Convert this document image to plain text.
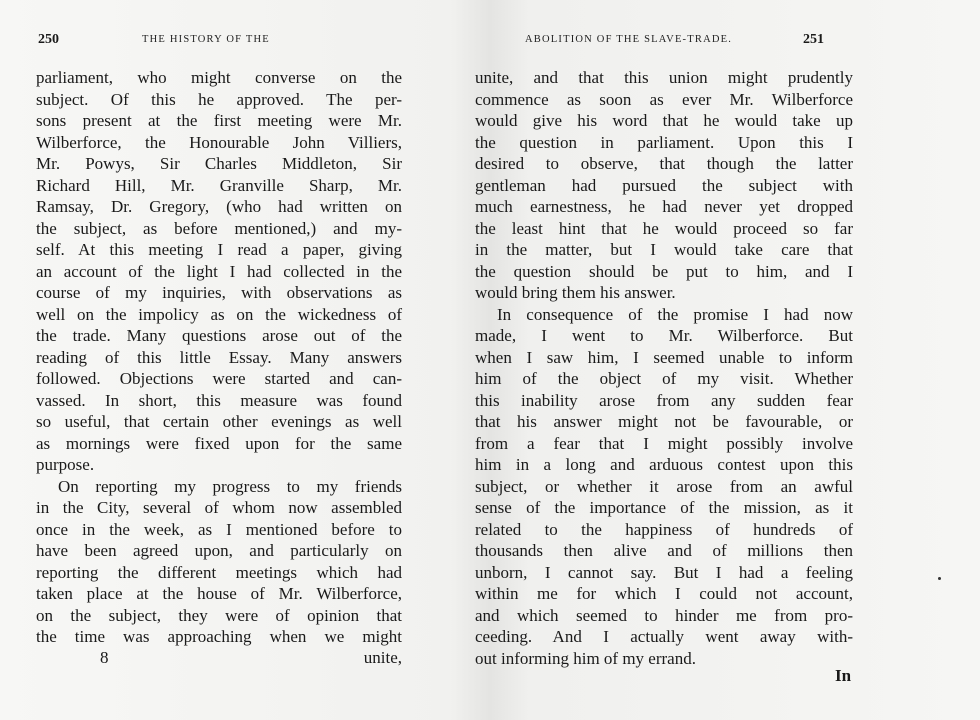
250	THE HISTORY OF THE
parliament, who might converse on the
subject. Of this he approved. The per-
sons present at the first meeting were Mr.
Wilberforce, the Honourable John Villiers,
Mr. Powys, Sir Charles Middleton, Sir
Richard Hill, Mr. Granville Sharp, Mr.
Ramsay, Dr. Gregory, (who had written on
the subject, as before mentioned,) and my-
self. At this meeting I read a paper, giving
an account of the light I had collected in the
course of my inquiries, with observations as
well on the impolicy as on the wickedness of
the trade. Many questions arose out of the
reading of this little Essay. Many answers
followed. Objections were started and can-
vassed. In short, this measure was found
so useful, that certain other evenings as well
as mornings were fixed upon for the same
purpose.
On reporting my progress to my friends
in the City, several of whom now assembled
once in the week, as I mentioned before to
have been agreed upon, and particularly on
reporting the different meetings which had
taken place at the house of Mr. Wilberforce,
on the subject, they were of opinion that
the time was approaching when we might
8	unite,
ABOLITION OF THE SLAVE-TRADE.	251
unite, and that this union might prudently
commence as soon as ever Mr. Wilberforce
would give his word that he would take up
the question in parliament. Upon this I
desired to observe, that though the latter
gentleman had pursued the subject with
much earnestness, he had never yet dropped
the least hint that he would proceed so far
in the matter, but I would take care that
the question should be put to him, and I
would bring them his answer.
In consequence of the promise I had now
made, I went to Mr. Wilberforce. But
when I saw him, I seemed unable to inform
him of the object of my visit. Whether
this inability arose from any sudden fear
that his answer might not be favourable, or
from a fear that I might possibly involve
him in a long and arduous contest upon this
subject, or whether it arose from an awful
sense of the importance of the mission, as it
related to the happiness of hundreds of
thousands then alive and of millions then
unborn, I cannot say. But I had a feeling
within me for which I could not account,
and which seemed to hinder me from pro-
ceeding. And I actually went away with-
out informing him of my errand.
In
